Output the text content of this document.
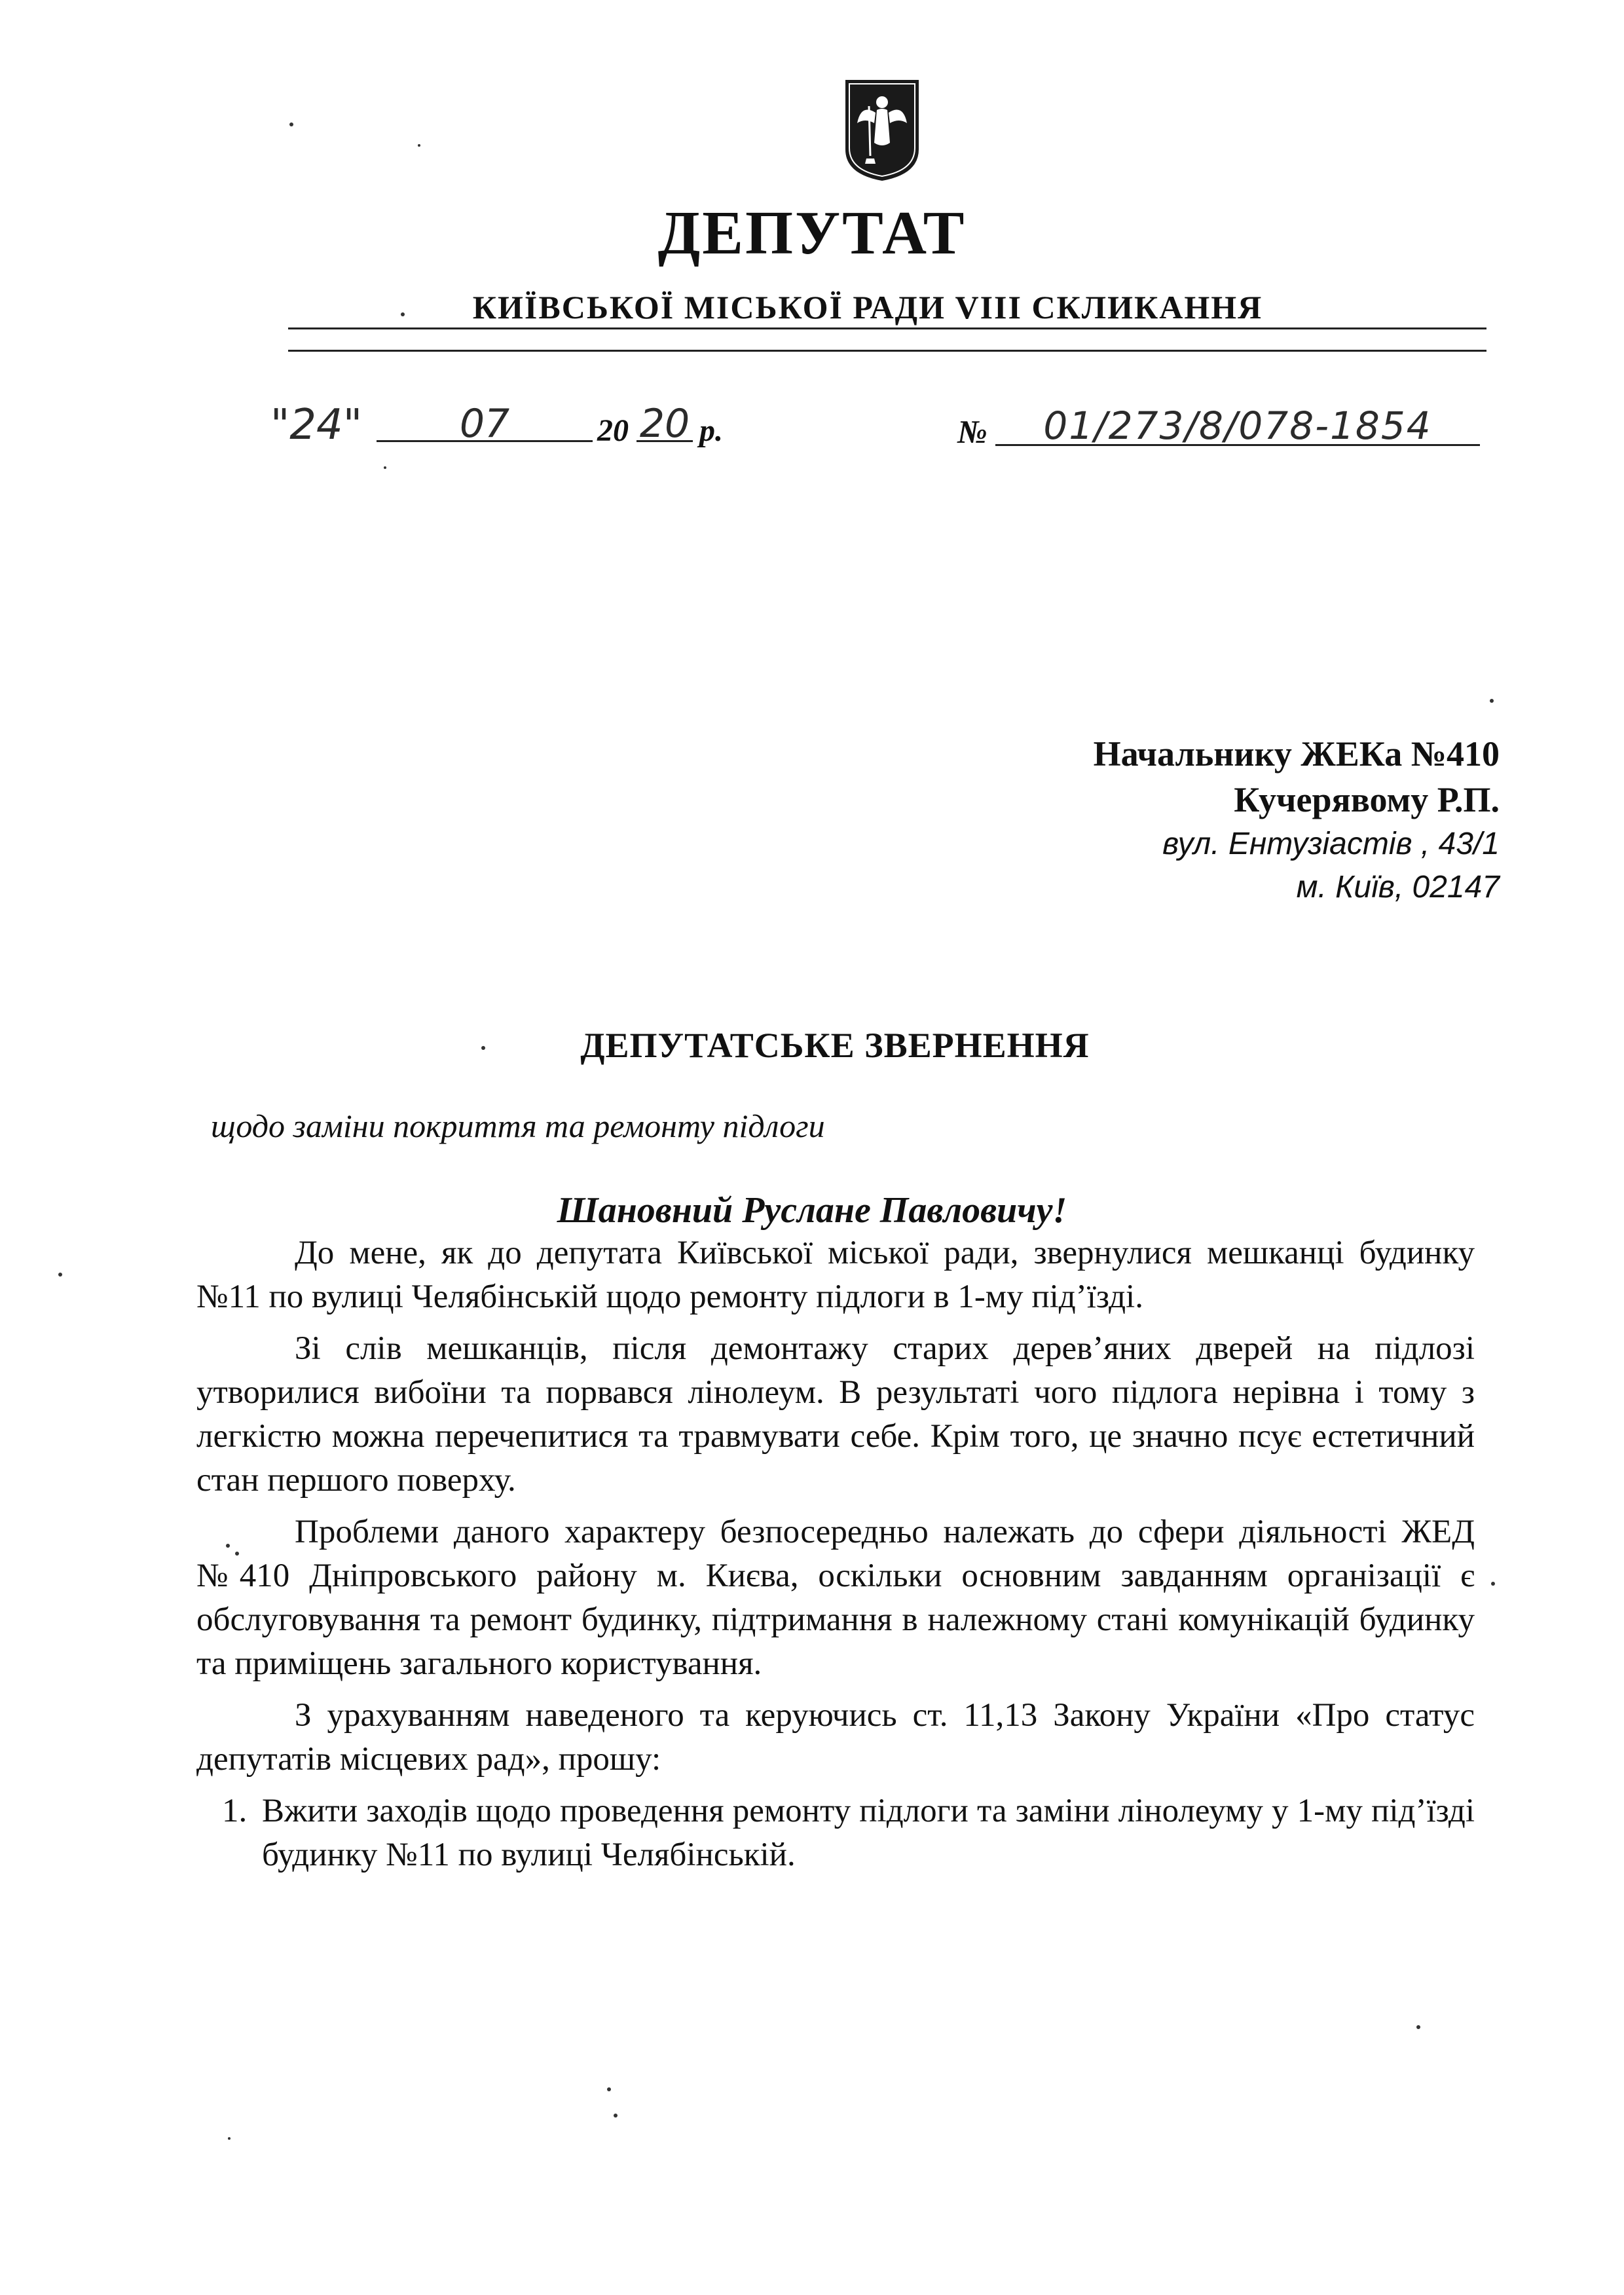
ДЕПУТАТ
КИЇВСЬКОЇ МІСЬКОЇ РАДИ VIII СКЛИКАННЯ
"24"	07	20 20 р.	№	01/273/8/078-1854
Начальнику ЖЕКа №410
Кучерявому Р.П.
вул. Ентузіастів , 43/1
м. Київ, 02147
ДЕПУТАТСЬКЕ ЗВЕРНЕННЯ
щодо заміни покриття та ремонту підлоги
Шановний Руслане Павловичу!

До мене, як до депутата Київської міської ради, звернулися мешканці будинку №11 по вулиці Челябінській щодо ремонту підлоги в 1-му під’їзді.

Зі слів мешканців, після демонтажу старих дерев’яних дверей на підлозі утворилися вибоїни та порвався лінолеум. В результаті чого підлога нерівна і тому з легкістю можна перечепитися та травмувати себе. Крім того, це значно псує естетичний стан першого поверху.

Проблеми даного характеру безпосередньо належать до сфери діяльності ЖЕД №410 Дніпровського району м. Києва, оскільки основним завданням організації є обслуговування та ремонт будинку, підтримання в належному стані комунікацій будинку та приміщень загального користування.

З урахуванням наведеного та керуючись ст. 11,13 Закону України «Про статус депутатів місцевих рад», прошу:

1. Вжити заходів щодо проведення ремонту підлоги та заміни лінолеуму у 1-му під’їзді будинку №11 по вулиці Челябінській.
